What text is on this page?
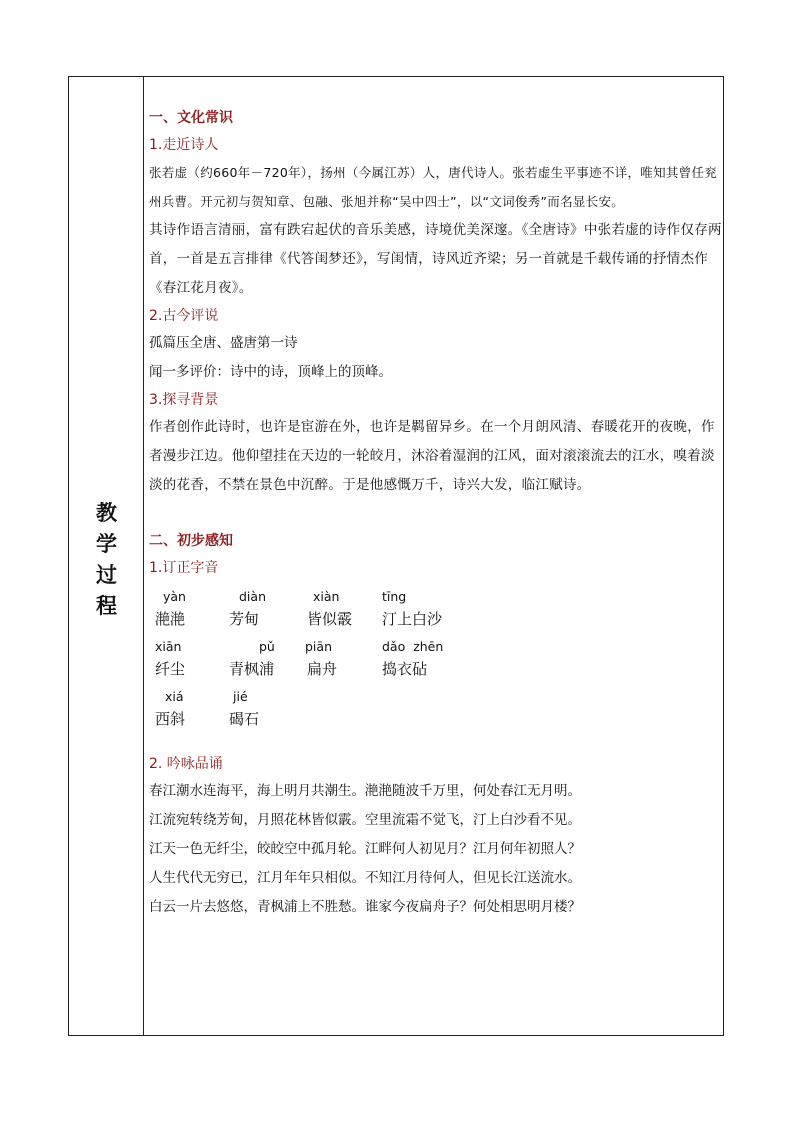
教
学
过
程
一、文化常识
1.走近诗人
张若虚（约660年－720年），扬州（今属江苏）人，唐代诗人。张若虚生平事迹不详，唯知其曾任兖州兵曹。开元初与贺知章、包融、张旭并称“吴中四士”，以“文词俊秀”而名显长安。
其诗作语言清丽，富有跌宕起伏的音乐美感，诗境优美深邃。《全唐诗》中张若虚的诗作仅存两首，一首是五言排律《代答闺梦还》，写闺情，诗风近齐梁；另一首就是千载传诵的抒情杰作《春江花月夜》。
2.古今评说
孤篇压全唐、盛唐第一诗
闻一多评价：诗中的诗，顶峰上的顶峰。
3.探寻背景
作者创作此诗时，也许是宦游在外，也许是羁留异乡。在一个月朗风清、春暖花开的夜晚，作者漫步江边。他仰望挂在天边的一轮皎月，沐浴着湿润的江风，面对滚滚流去的江水，嗅着淡淡的花香，不禁在景色中沉醉。于是他感慨万千，诗兴大发，临江赋诗。
二、初步感知
1.订正字音
yàn
滟滟
diàn
芳甸
xiàn
皆似霰
tīng
汀上白沙
xiān
纤尘
pǔ
青枫浦
piān
扁舟
dǎo  zhēn
捣衣砧
xiá
西斜
jié
碣石
2. 吟咏品诵
春江潮水连海平，海上明月共潮生。滟滟随波千万里，何处春江无月明。
江流宛转绕芳甸，月照花林皆似霰。空里流霜不觉飞，汀上白沙看不见。
江天一色无纤尘，皎皎空中孤月轮。江畔何人初见月？江月何年初照人？
人生代代无穷已，江月年年只相似。不知江月待何人，但见长江送流水。
白云一片去悠悠，青枫浦上不胜愁。谁家今夜扁舟子？何处相思明月楼？
